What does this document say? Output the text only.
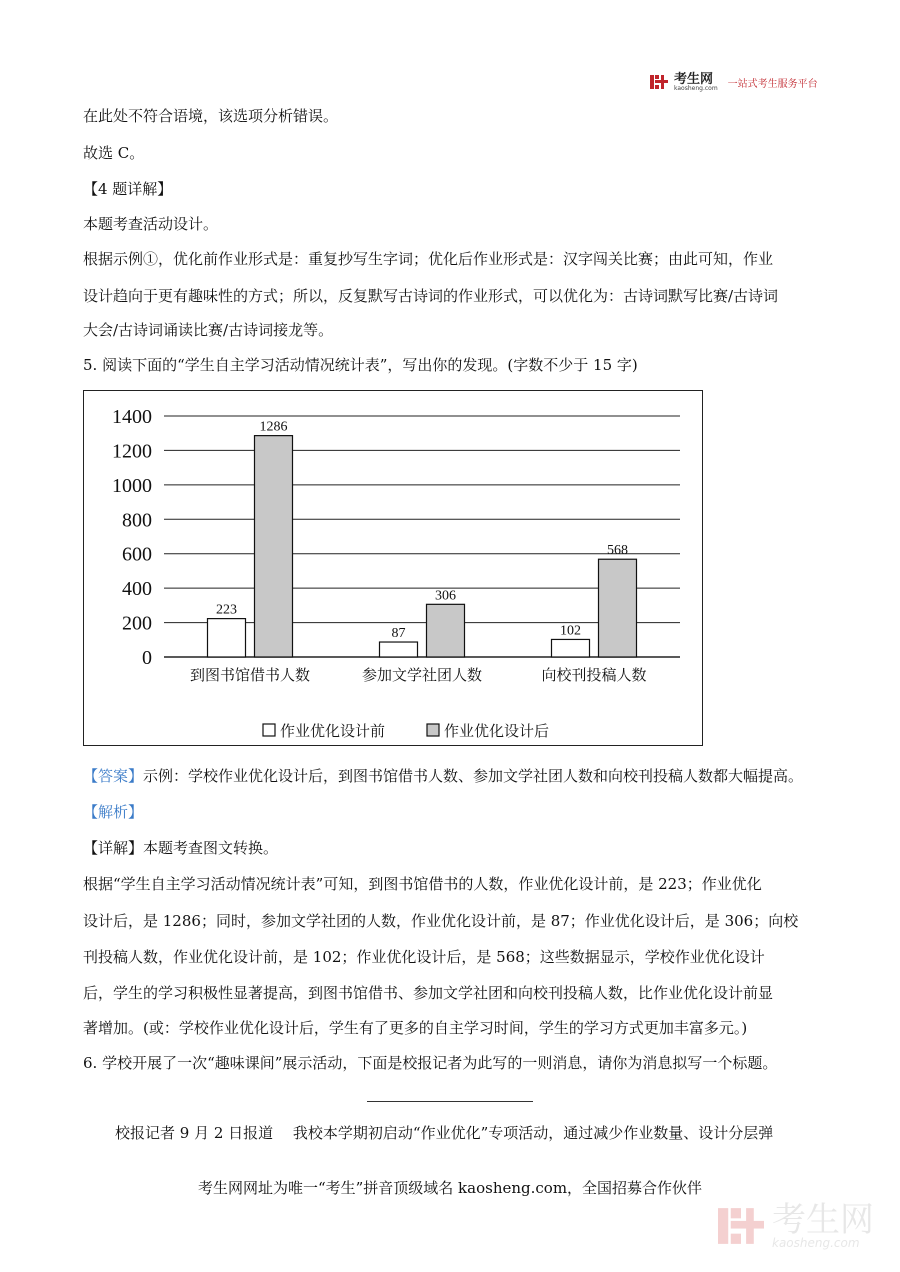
考生网
kaosheng.com 一站式考生服务平台
在此处不符合语境，该选项分析错误。
故选 C。
【4 题详解】
本题考查活动设计。
根据示例①，优化前作业形式是：重复抄写生字词；优化后作业形式是：汉字闯关比赛；由此可知，作业
设计趋向于更有趣味性的方式；所以，反复默写古诗词的作业形式，可以优化为：古诗词默写比赛/古诗词
大会/古诗词诵读比赛/古诗词接龙等。
5. 阅读下面的“学生自主学习活动情况统计表”，写出你的发现。(字数不少于 15 字)
0
200
400
600
800
1000
1200
1400
223
1286
到图书馆借书人数
87
306
参加文学社团人数
102
568
向校刊投稿人数
作业优化设计前	作业优化设计后
【答案】示例：学校作业优化设计后，到图书馆借书人数、参加文学社团人数和向校刊投稿人数都大幅提高。
【解析】
【详解】本题考查图文转换。
根据“学生自主学习活动情况统计表”可知，到图书馆借书的人数，作业优化设计前，是 223；作业优化
设计后，是 1286；同时，参加文学社团的人数，作业优化设计前，是 87；作业优化设计后，是 306；向校
刊投稿人数，作业优化设计前，是 102；作业优化设计后，是 568；这些数据显示，学校作业优化设计
后，学生的学习积极性显著提高，到图书馆借书、参加文学社团和向校刊投稿人数，比作业优化设计前显
著增加。(或：学校作业优化设计后，学生有了更多的自主学习时间，学生的学习方式更加丰富多元。)
6. 学校开展了一次“趣味课间”展示活动，下面是校报记者为此写的一则消息，请你为消息拟写一个标题。
校报记者 9 月 2 日报道　 我校本学期初启动“作业优化”专项活动，通过减少作业数量、设计分层弹
考生网网址为唯一“考生”拼音顶级域名 kaosheng.com，全国招募合作伙伴
考生网
kaosheng.com
